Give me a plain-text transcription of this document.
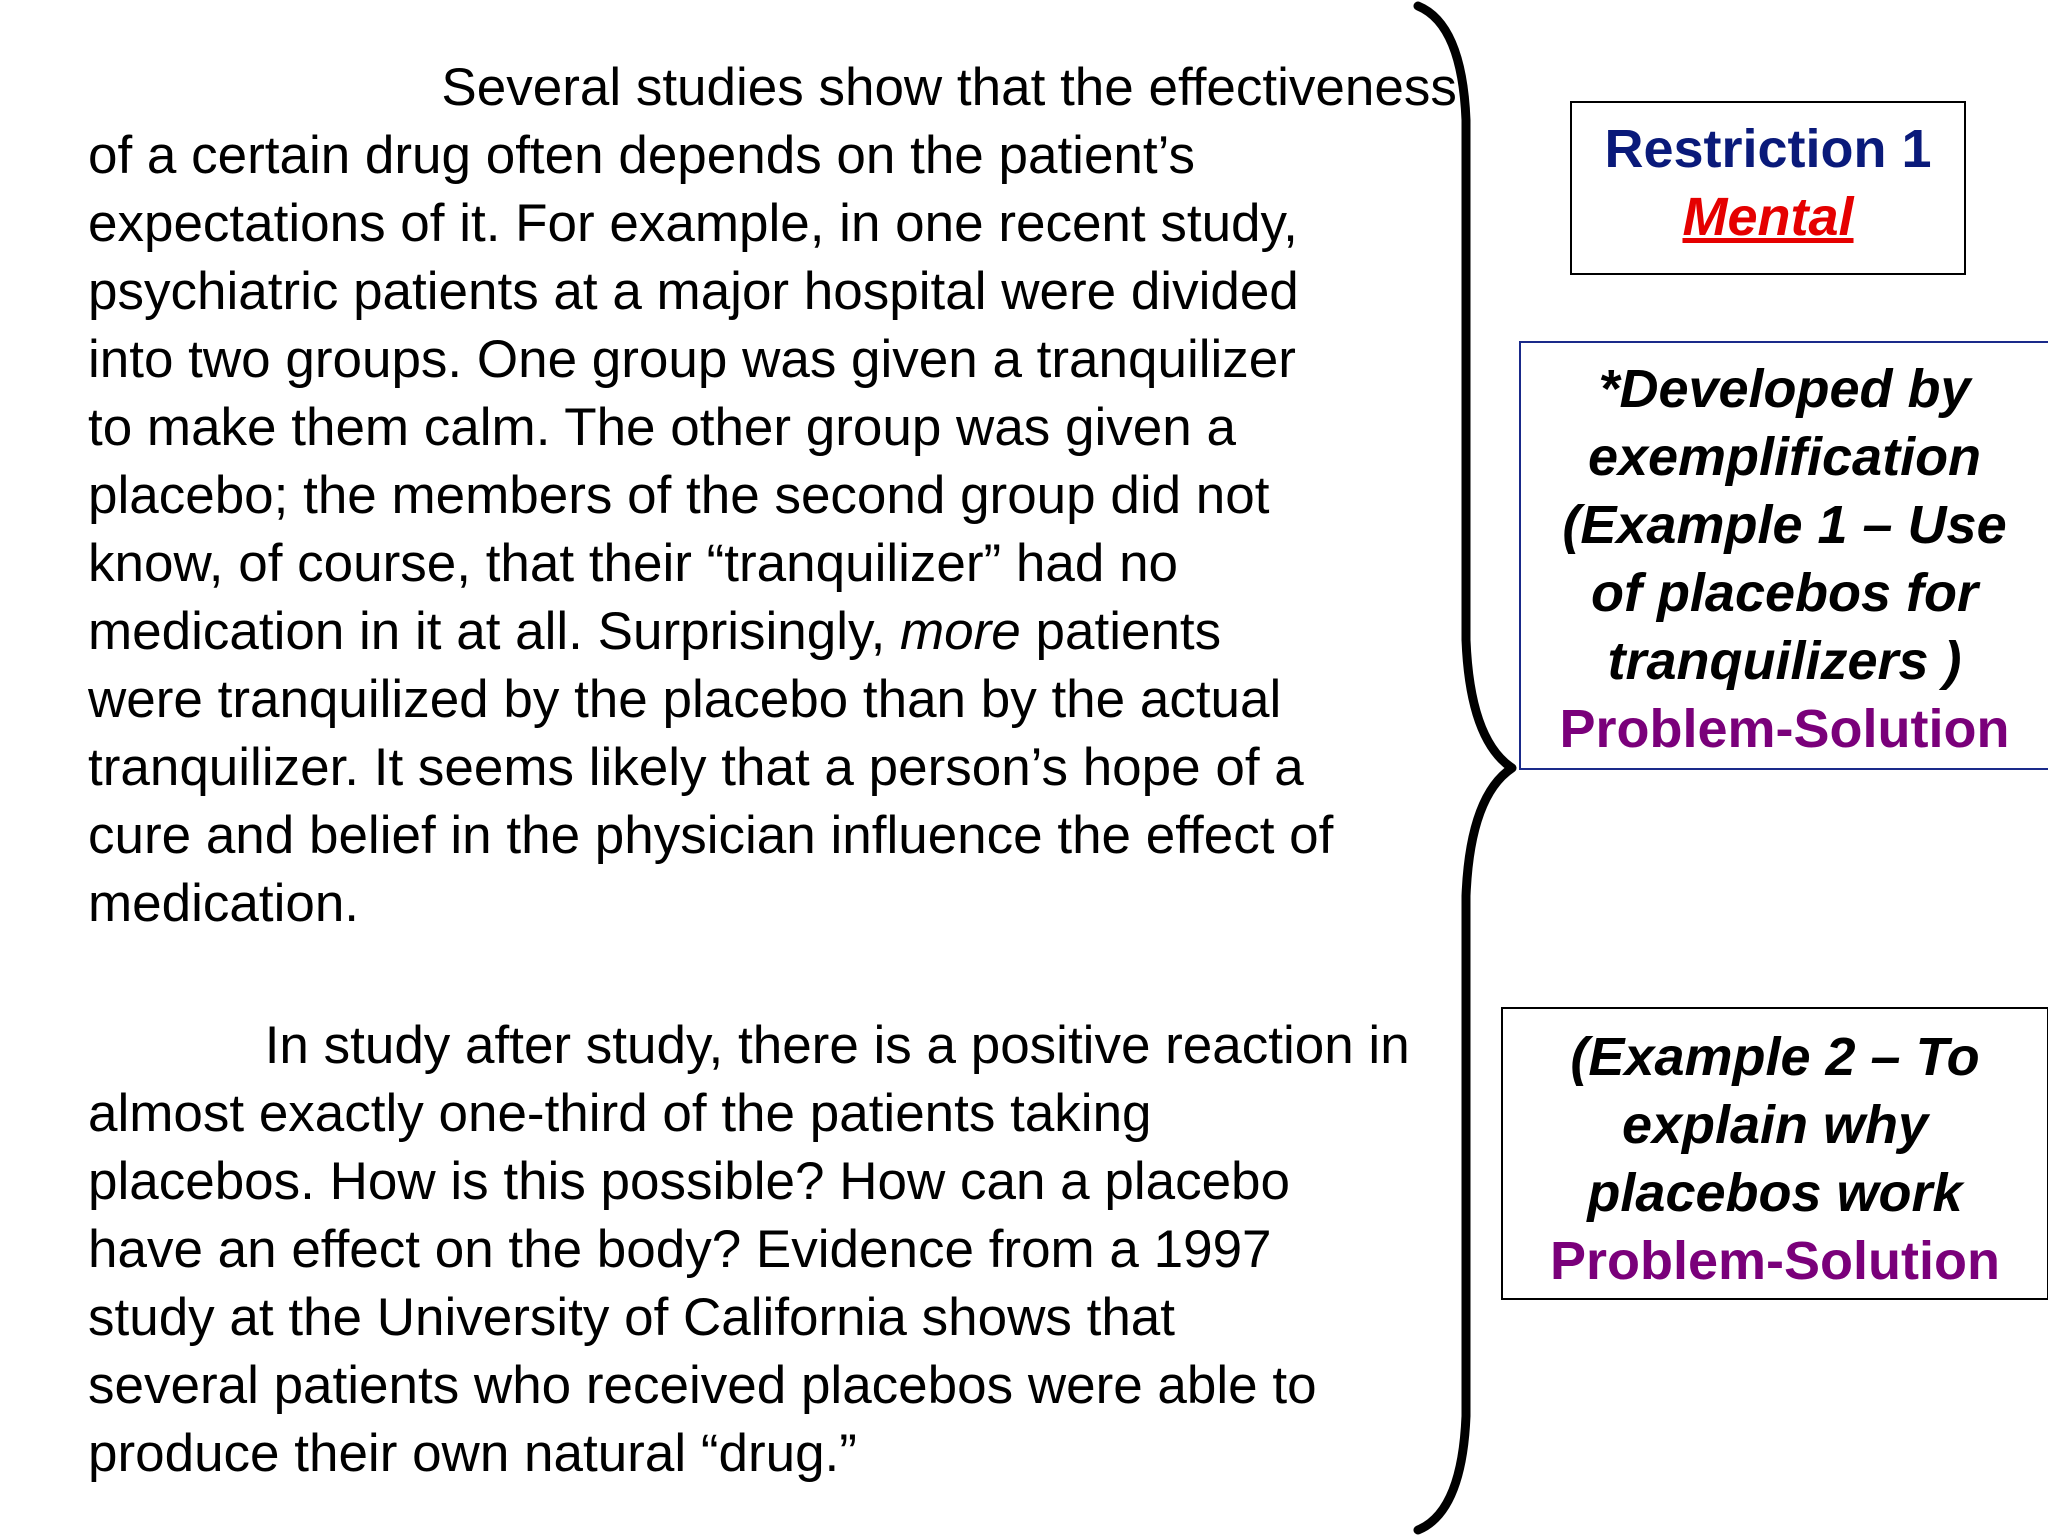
Several studies show that the effectiveness
of a certain drug often depends on the patient’s
expectations of it. For example, in one recent study,
psychiatric patients at a major hospital were divided
into two groups. One group was given a tranquilizer
to make them calm. The other group was given a
placebo; the members of the second group did not
know, of course, that their “tranquilizer” had no
medication in it at all. Surprisingly, more patients
were tranquilized by the placebo than by the actual
tranquilizer. It seems likely that a person’s hope of a
cure and belief in the physician influence the effect of
medication.

In study after study, there is a positive reaction in
almost exactly one-third of the patients taking
placebos. How is this possible? How can a placebo
have an effect on the body? Evidence from a 1997
study at the University of California shows that
several patients who received placebos were able to
produce their own natural “drug.”

Restriction 1
Mental
*Developed by
exemplification
(Example 1 – Use
of placebos for
tranquilizers )
Problem-Solution
(Example 2 – To
explain why
placebos work
Problem-Solution
